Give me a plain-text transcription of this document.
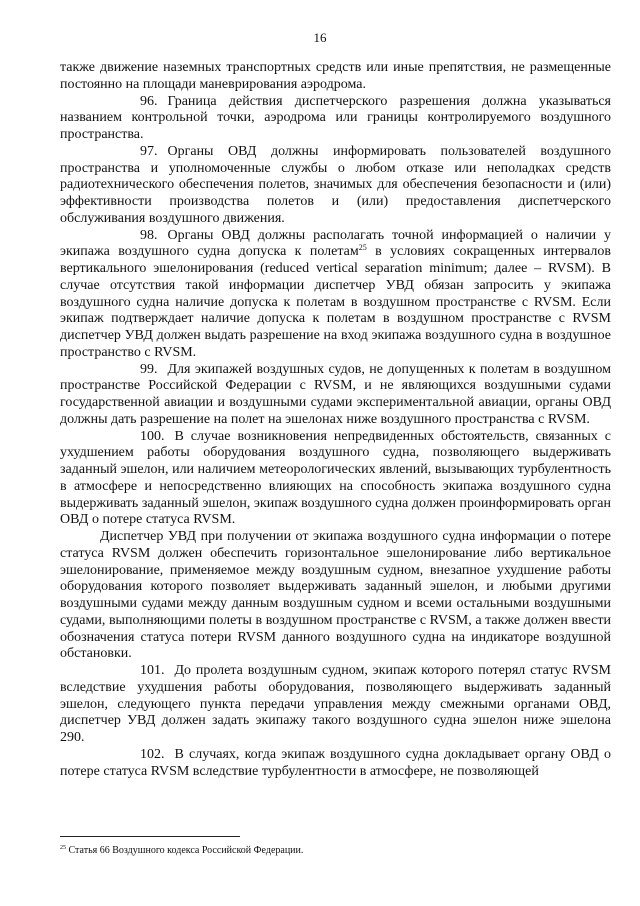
16

также движение наземных транспортных средств или иные препятствия, не размещенные постоянно на площади маневрирования аэродрома.

96. Граница действия диспетчерского разрешения должна указываться названием контрольной точки, аэродрома или границы контролируемого воздушного пространства.

97. Органы ОВД должны информировать пользователей воздушного пространства и уполномоченные службы о любом отказе или неполадках средств радиотехнического обеспечения полетов, значимых для обеспечения безопасности и (или) эффективности производства полетов и (или) предоставления диспетчерского обслуживания воздушного движения.

98. Органы ОВД должны располагать точной информацией о наличии у экипажа воздушного судна допуска к полетам$^{25}$ в условиях сокращенных интервалов вертикального эшелонирования (reduced vertical separation minimum; далее – RVSM). В случае отсутствия такой информации диспетчер УВД обязан запросить у экипажа воздушного судна наличие допуска к полетам в воздушном пространстве с RVSM. Если экипаж подтверждает наличие допуска к полетам в воздушном пространстве с RVSM диспетчер УВД должен выдать разрешение на вход экипажа воздушного судна в воздушное пространство с RVSM.

99. Для экипажей воздушных судов, не допущенных к полетам в воздушном пространстве Российской Федерации с RVSM, и не являющихся воздушными судами государственной авиации и воздушными судами экспериментальной авиации, органы ОВД должны дать разрешение на полет на эшелонах ниже воздушного пространства с RVSM.

100. В случае возникновения непредвиденных обстоятельств, связанных с ухудшением работы оборудования воздушного судна, позволяющего выдерживать заданный эшелон, или наличием метеорологических явлений, вызывающих турбулентность в атмосфере и непосредственно влияющих на способность экипажа воздушного судна выдерживать заданный эшелон, экипаж воздушного судна должен проинформировать орган ОВД о потере статуса RVSM.

Диспетчер УВД при получении от экипажа воздушного судна информации о потере статуса RVSM должен обеспечить горизонтальное эшелонирование либо вертикальное эшелонирование, применяемое между воздушным судном, внезапное ухудшение работы оборудования которого позволяет выдерживать заданный эшелон, и любыми другими воздушными судами между данным воздушным судном и всеми остальными воздушными судами, выполняющими полеты в воздушном пространстве с RVSM, а также должен ввести обозначения статуса потери RVSM данного воздушного судна на индикаторе воздушной обстановки.

101. До пролета воздушным судном, экипаж которого потерял статус RVSM вследствие ухудшения работы оборудования, позволяющего выдерживать заданный эшелон, следующего пункта передачи управления между смежными органами ОВД, диспетчер УВД должен задать экипажу такого воздушного судна эшелон ниже эшелона 290.

102. В случаях, когда экипаж воздушного судна докладывает органу ОВД о потере статуса RVSM вследствие турбулентности в атмосфере, не позволяющей

$^{25}$ Статья 66 Воздушного кодекса Российской Федерации.
